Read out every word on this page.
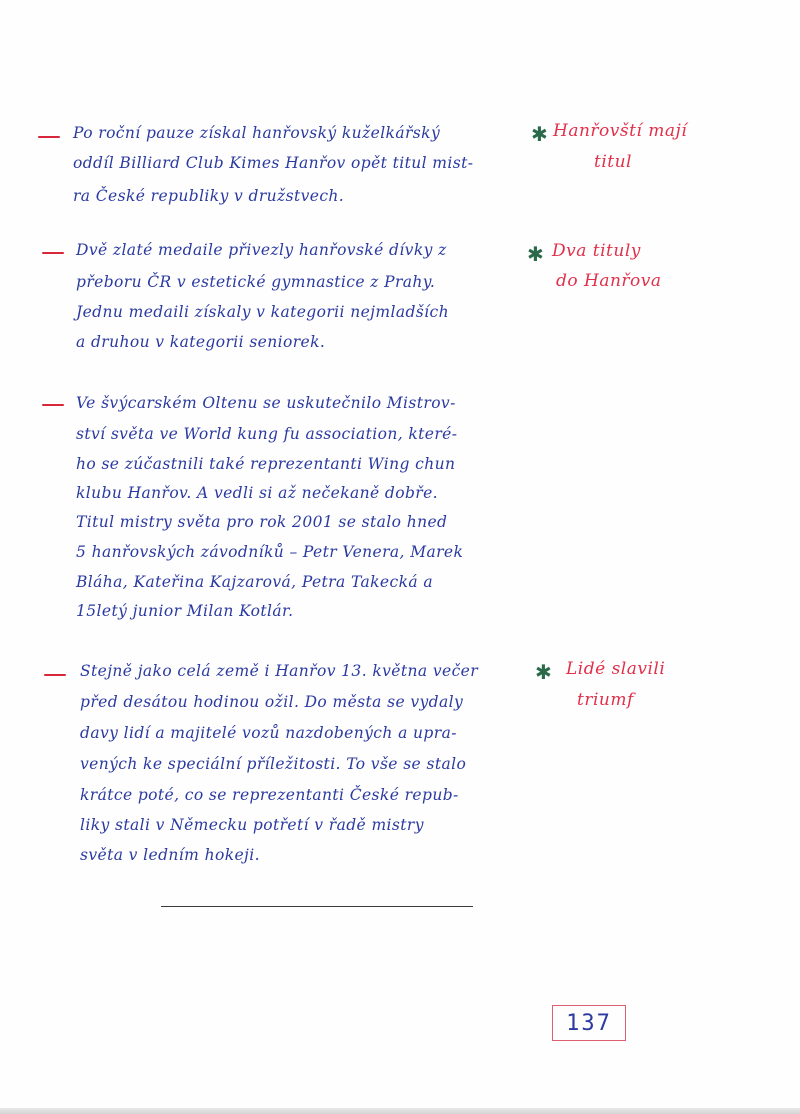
Po roční pauze získal hanřovský kuželkářský
oddíl Billiard Club Kimes Hanřov opět titul mist-
ra České republiky v družstvech.
✱ Hanřovští mají
titul
Dvě zlaté medaile přivezly hanřovské dívky z
přeboru ČR v estetické gymnastice z Prahy.
Jednu medaili získaly v kategorii nejmladších
a druhou v kategorii seniorek.
✱ Dva tituly
do Hanřova
Ve švýcarském Oltenu se uskutečnilo Mistrov-
ství světa ve World kung fu association, které-
ho se zúčastnili také reprezentanti Wing chun
klubu Hanřov. A vedli si až nečekaně dobře.
Titul mistry světa pro rok 2001 se stalo hned
5 hanřovských závodníků – Petr Venera, Marek
Bláha, Kateřina Kajzarová, Petra Takecká a
15letý junior Milan Kotlár.
Stejně jako celá země i Hanřov 13. května večer
před desátou hodinou ožil. Do města se vydaly
davy lidí a majitelé vozů nazdobených a upra-
vených ke speciální příležitosti. To vše se stalo
krátce poté, co se reprezentanti České repub-
liky stali v Německu potřetí v řadě mistry
světa v ledním hokeji.
✱ Lidé slavili
triumf
137
